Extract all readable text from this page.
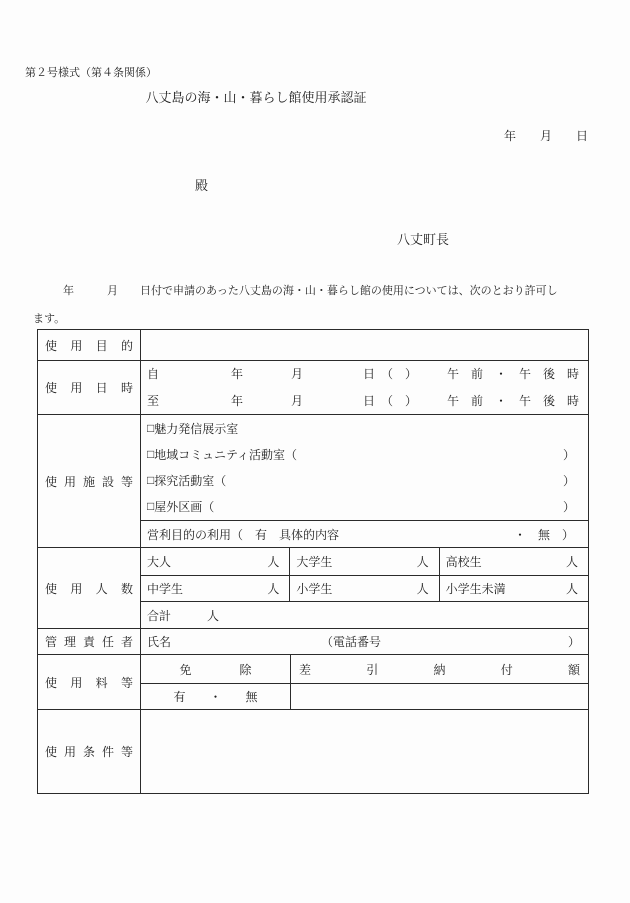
第２号様式（第４条関係）
八丈島の海・山・暮らし館使用承認証
年　　月　　日
殿
八丈町長
年　　　月　　日付で申請のあった八丈島の海・山・暮らし館の使用については、次のとおり許可し
ます。
使用目的
使用日時
自　　　　　　年　　　　月　　　　　日　（　）　　　午　前　・　午　後　時
至　　　　　　年　　　　月　　　　　日　（　）　　　午　前　・　午　後　時
使用施設等
□ 魅力発信展示室
□ 地域コミュニティ活動室（	）
□ 探究活動室（	）
□ 屋外区画（	）
営利目的の利用（　有　具体的内容	・　無　）
使用人数
大人	人 大学生	人 高校生	人
中学生	人 小学生	人 小学生未満	人
合計　　　人
管理責任者	氏名	（電話番号	）
使用料等
免　　　　除	差引納付額
有　　・　　無
使用条件等
